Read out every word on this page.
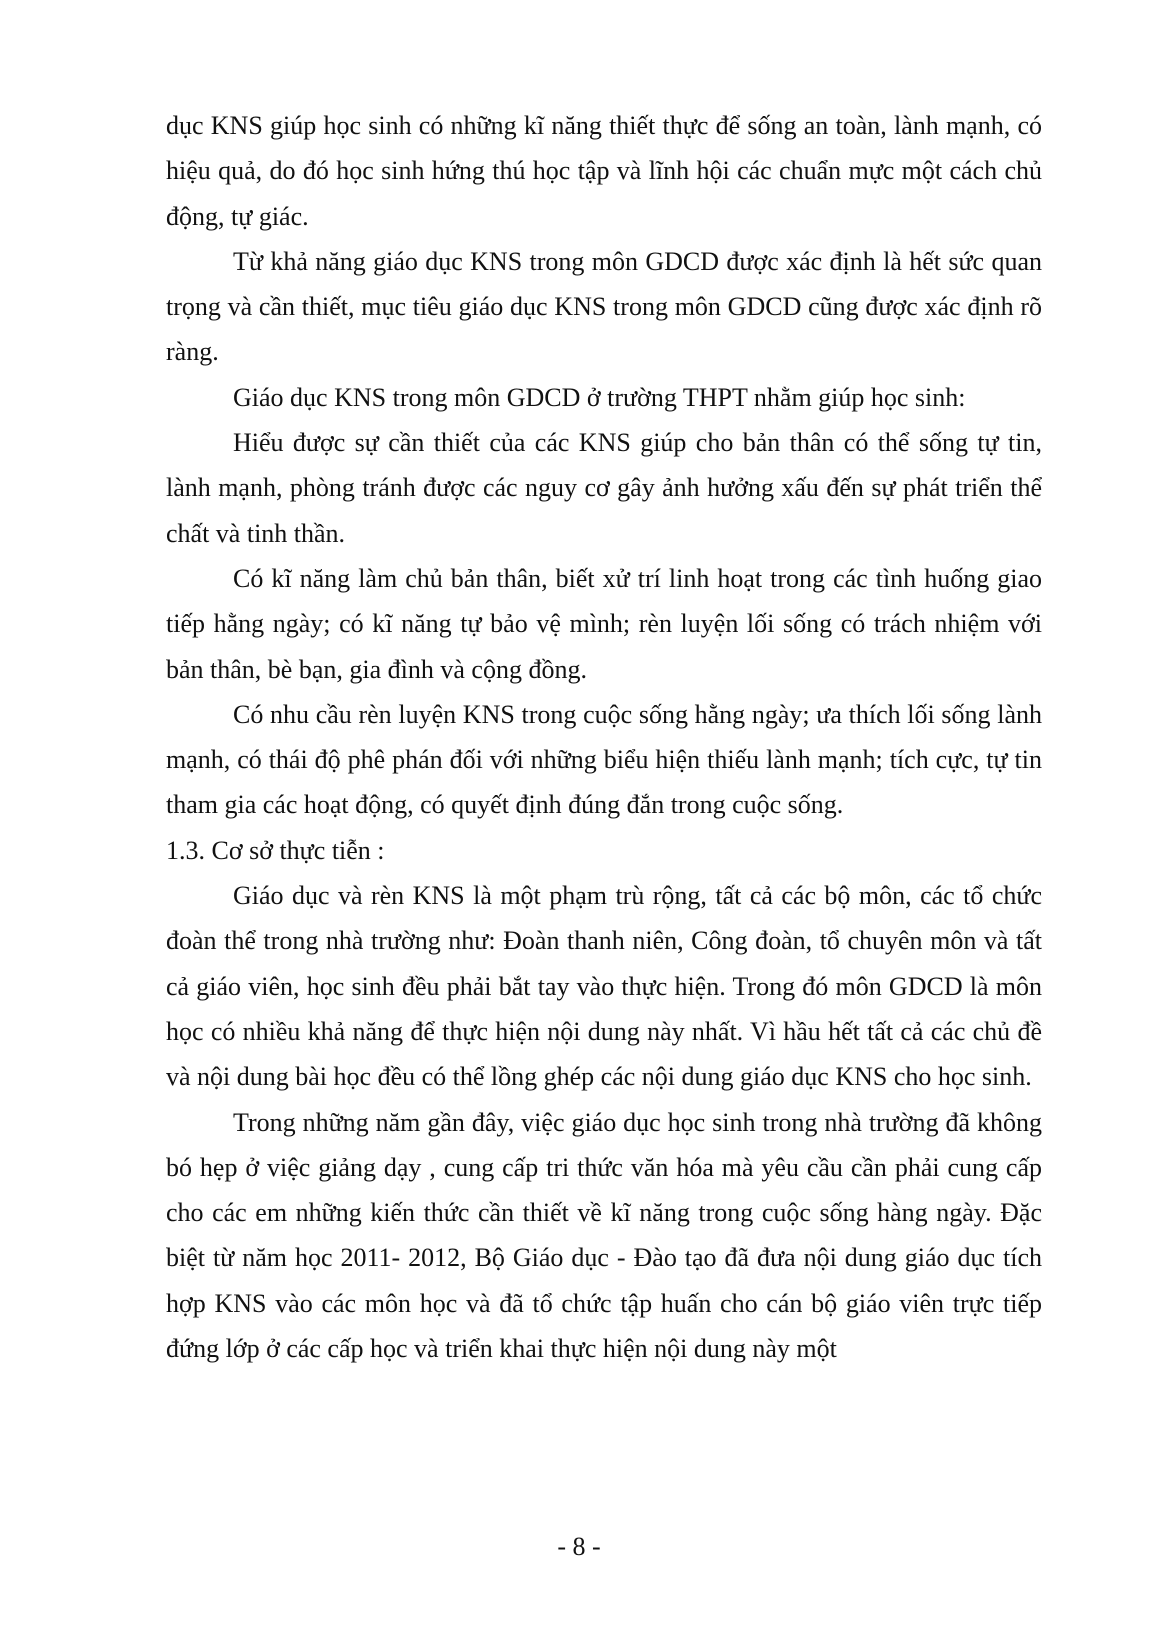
dục KNS giúp học sinh có những kĩ năng thiết thực để sống an toàn, lành mạnh, có hiệu quả, do đó học sinh hứng thú học tập và lĩnh hội các chuẩn mực một cách chủ động, tự giác.

Từ khả năng giáo dục KNS trong môn GDCD được xác định là hết sức quan trọng và cần thiết, mục tiêu giáo dục KNS trong môn GDCD cũng được xác định rõ ràng.

Giáo dục KNS trong môn GDCD ở trường THPT nhằm giúp học sinh:

Hiểu được sự cần thiết của các KNS giúp cho bản thân có thể sống tự tin, lành mạnh, phòng tránh được các nguy cơ gây ảnh hưởng xấu đến sự phát triển thể chất và tinh thần.

Có kĩ năng làm chủ bản thân, biết xử trí linh hoạt trong các tình huống giao tiếp hằng ngày; có kĩ năng tự bảo vệ mình; rèn luyện lối sống có trách nhiệm với bản thân, bè bạn, gia đình và cộng đồng.

Có nhu cầu rèn luyện KNS trong cuộc sống hằng ngày; ưa thích lối sống lành mạnh, có thái độ phê phán đối với những biểu hiện thiếu lành mạnh; tích cực, tự tin tham gia các hoạt động, có quyết định đúng đắn trong cuộc sống.

1.3. Cơ sở thực tiễn :

Giáo dục và rèn KNS là một phạm trù rộng, tất cả các bộ môn, các tổ chức đoàn thể trong nhà trường như: Đoàn thanh niên, Công đoàn, tổ chuyên môn và tất cả giáo viên, học sinh đều phải bắt tay vào thực hiện. Trong đó môn GDCD là môn học có nhiều khả năng để thực hiện nội dung này nhất. Vì hầu hết tất cả các chủ đề và nội dung bài học đều có thể lồng ghép các nội dung giáo dục KNS cho học sinh.

Trong những năm gần đây, việc giáo dục học sinh trong nhà trường đã không bó hẹp ở việc giảng dạy , cung cấp tri thức văn hóa mà yêu cầu cần phải cung cấp cho các em những kiến thức cần thiết về kĩ năng trong cuộc sống hàng ngày. Đặc biệt từ năm học 2011- 2012, Bộ Giáo dục - Đào tạo đã đưa nội dung giáo dục tích hợp KNS vào các môn học và đã tổ chức tập huấn cho cán bộ giáo viên trực tiếp đứng lớp ở các cấp học và triển khai thực hiện nội dung này một

- 8 -
